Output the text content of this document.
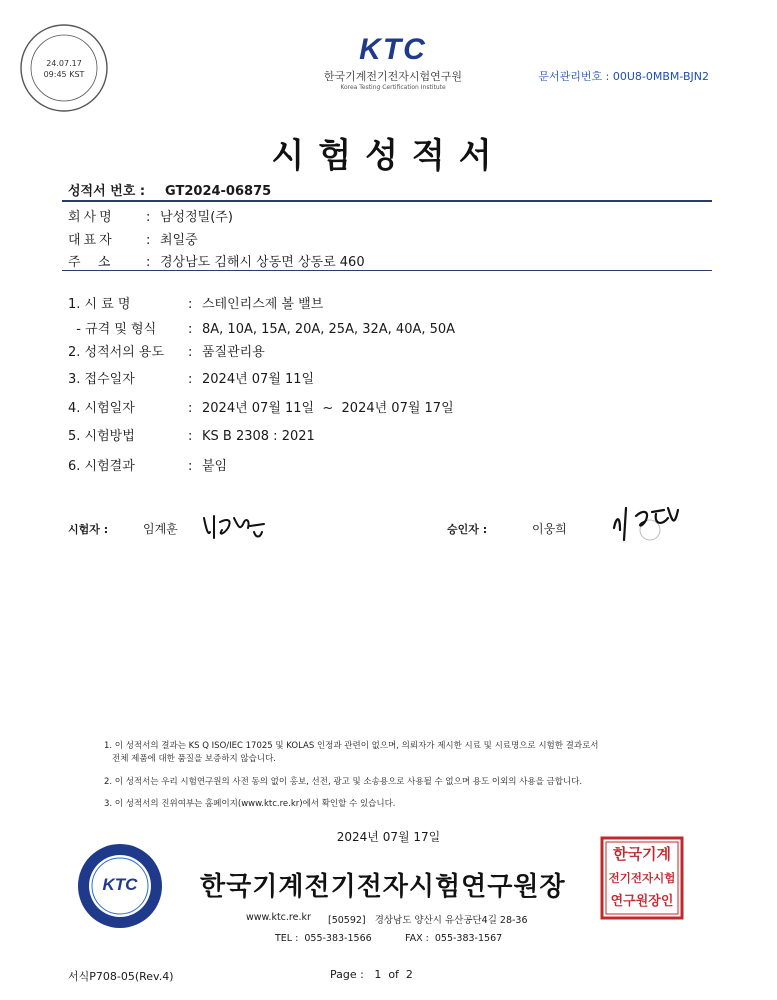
24.07.17
09:45 KST
KTC
한국기계전기전자시험연구원
Korea Testing Certification Institute
문서관리번호 : 00U8-0MBM-BJN2
시험성적서
성적서 번호 : GT2024-06875
회사명 : 남성정밀(주)
대표자 : 최일중
주  소	: 경상남도 김해시 상동면 상동로 460
1. 시 료 명	: 스테인리스제 볼 밸브
- 규격 및 형식 : 8A, 10A, 15A, 20A, 25A, 32A, 40A, 50A
2. 성적서의 용도 : 품질관리용
3. 접수일자	: 2024년 07월 11일
4. 시험일자	: 2024년 07월 11일  ~  2024년 07월 17일
5. 시험방법	: KS B 2308 : 2021
6. 시험결과	: 붙임
시험자 :	임계훈	승인자 :	이웅희
1. 이 성적서의 결과는 KS Q ISO/IEC 17025 및 KOLAS 인정과 관련이 없으며, 의뢰자가 제시한 시료 및 시료명으로 시험한 결과로서
전체 제품에 대한 품질을 보증하지 않습니다.
2. 이 성적서는 우리 시험연구원의 사전 동의 없이 홍보, 선전, 광고 및 소송용으로 사용될 수 없으며 용도 이외의 사용을 금합니다.
3. 이 성적서의 진위여부는 홈페이지(www.ktc.re.kr)에서 확인할 수 있습니다.
2024년 07월 17일
KTC 한국기계전기전자시험연구원장
한국기계
전기전자시험
연구원장인
www.ktc.re.kr [50592]   경상남도 양산시 유산공단4길 28-36
TEL :  055-383-1566	FAX :  055-383-1567
서식P708-05(Rev.4)	Page :   1  of  2
